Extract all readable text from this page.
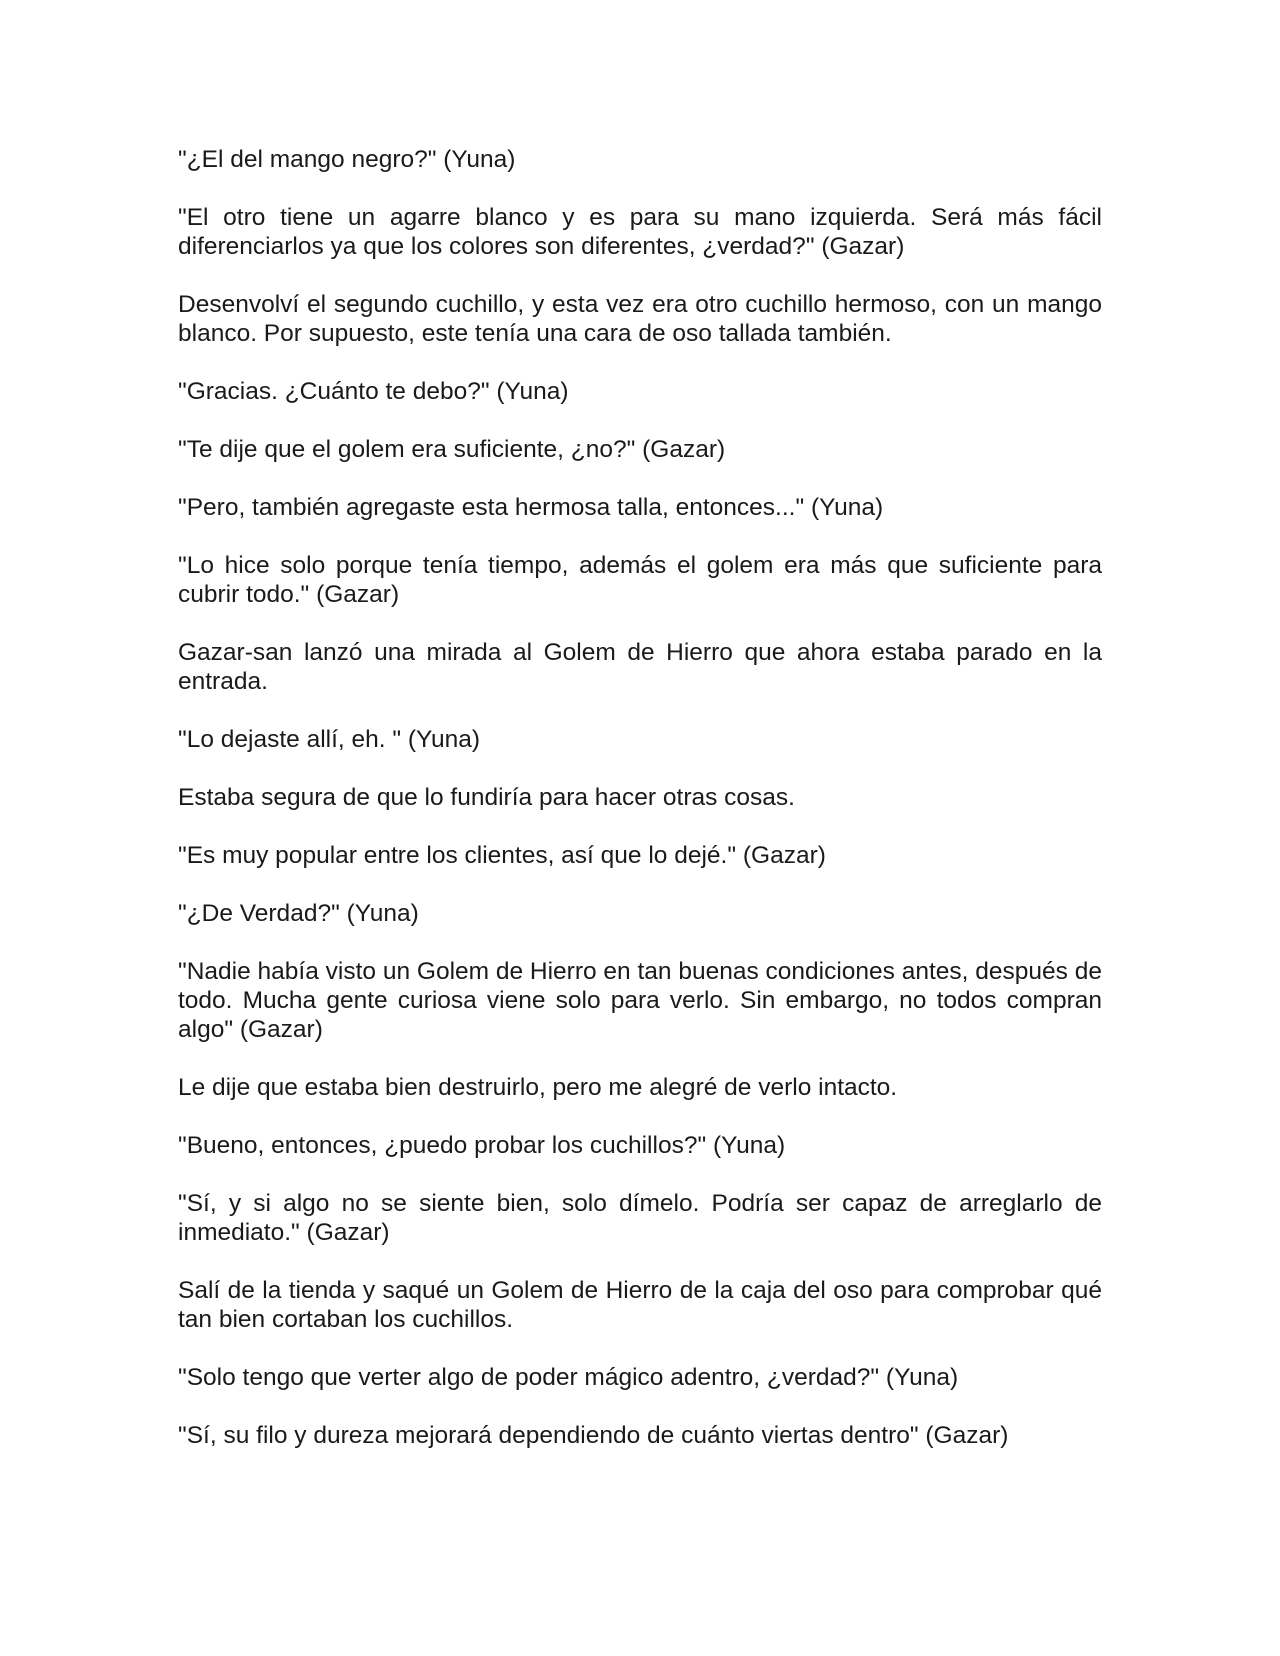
"¿El del mango negro?" (Yuna)

"El otro tiene un agarre blanco y es para su mano izquierda. Será más fácil diferenciarlos ya que los colores son diferentes, ¿verdad?" (Gazar)

Desenvolví el segundo cuchillo, y esta vez era otro cuchillo hermoso, con un mango blanco. Por supuesto, este tenía una cara de oso tallada también.

"Gracias. ¿Cuánto te debo?" (Yuna)

"Te dije que el golem era suficiente, ¿no?" (Gazar)

"Pero, también agregaste esta hermosa talla, entonces..." (Yuna)

"Lo hice solo porque tenía tiempo, además el golem era más que suficiente para cubrir todo." (Gazar)

Gazar-san lanzó una mirada al Golem de Hierro que ahora estaba parado en la entrada.

"Lo dejaste allí, eh. " (Yuna)

Estaba segura de que lo fundiría para hacer otras cosas.

"Es muy popular entre los clientes, así que lo dejé." (Gazar)

"¿De Verdad?" (Yuna)

"Nadie había visto un Golem de Hierro en tan buenas condiciones antes, después de todo. Mucha gente curiosa viene solo para verlo. Sin embargo, no todos compran algo" (Gazar)

Le dije que estaba bien destruirlo, pero me alegré de verlo intacto.

"Bueno, entonces, ¿puedo probar los cuchillos?" (Yuna)

"Sí, y si algo no se siente bien, solo dímelo. Podría ser capaz de arreglarlo de inmediato." (Gazar)

Salí de la tienda y saqué un Golem de Hierro de la caja del oso para comprobar qué tan bien cortaban los cuchillos.

"Solo tengo que verter algo de poder mágico adentro, ¿verdad?" (Yuna)

"Sí, su filo y dureza mejorará dependiendo de cuánto viertas dentro" (Gazar)
